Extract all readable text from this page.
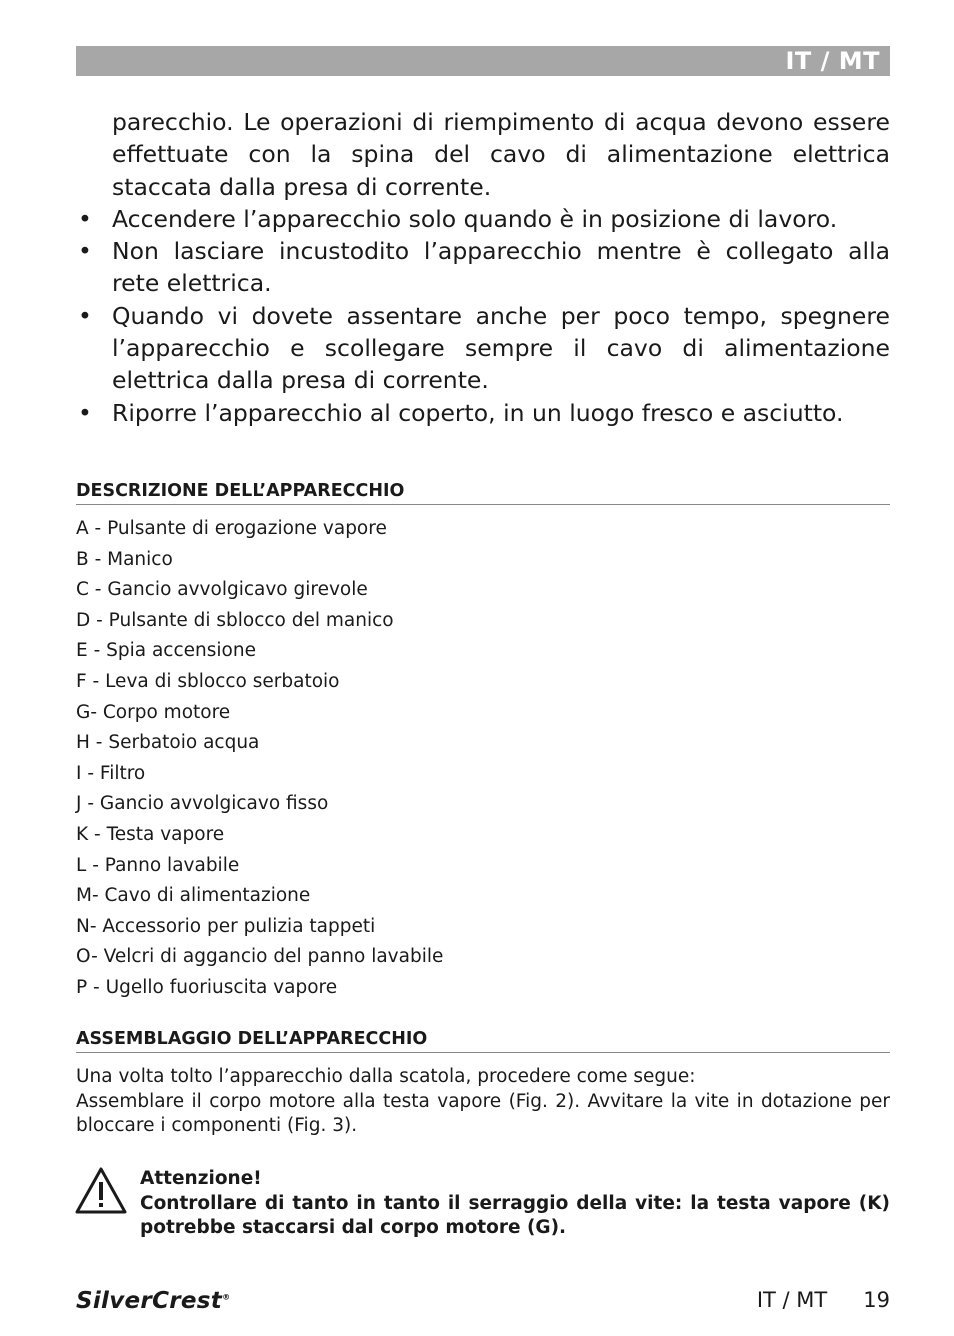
IT / MT

parecchio. Le operazioni di riempimento di acqua devono essere effettuate con la spina del cavo di alimentazione elettrica staccata dalla presa di corrente.

• Accendere l’apparecchio solo quando è in posizione di lavoro.

• Non lasciare incustodito l’apparecchio mentre è collegato alla rete elettrica.

• Quando vi dovete assentare anche per poco tempo, spegnere l’apparecchio e scollegare sempre il cavo di alimentazione elettrica dalla presa di corrente.

• Riporre l’apparecchio al coperto, in un luogo fresco e asciutto.

DESCRIZIONE DELL’APPARECCHIO
A - Pulsante di erogazione vapore
B - Manico
C - Gancio avvolgicavo girevole
D - Pulsante di sblocco del manico
E - Spia accensione
F - Leva di sblocco serbatoio
G- Corpo motore
H - Serbatoio acqua
I - Filtro
J - Gancio avvolgicavo fisso
K - Testa vapore
L - Panno lavabile
M- Cavo di alimentazione
N- Accessorio per pulizia tappeti
O- Velcri di aggancio del panno lavabile
P - Ugello fuoriuscita vapore
ASSEMBLAGGIO DELL’APPARECCHIO

Una volta tolto l’apparecchio dalla scatola, procedere come segue:

Assemblare il corpo motore alla testa vapore (Fig. 2). Avvitare la vite in dotazione per bloccare i componenti (Fig. 3).

Attenzione!

Controllare di tanto in tanto il serraggio della vite: la testa vapore (K) potrebbe staccarsi dal corpo motore (G).

SilverCrest®	IT / MT 19
